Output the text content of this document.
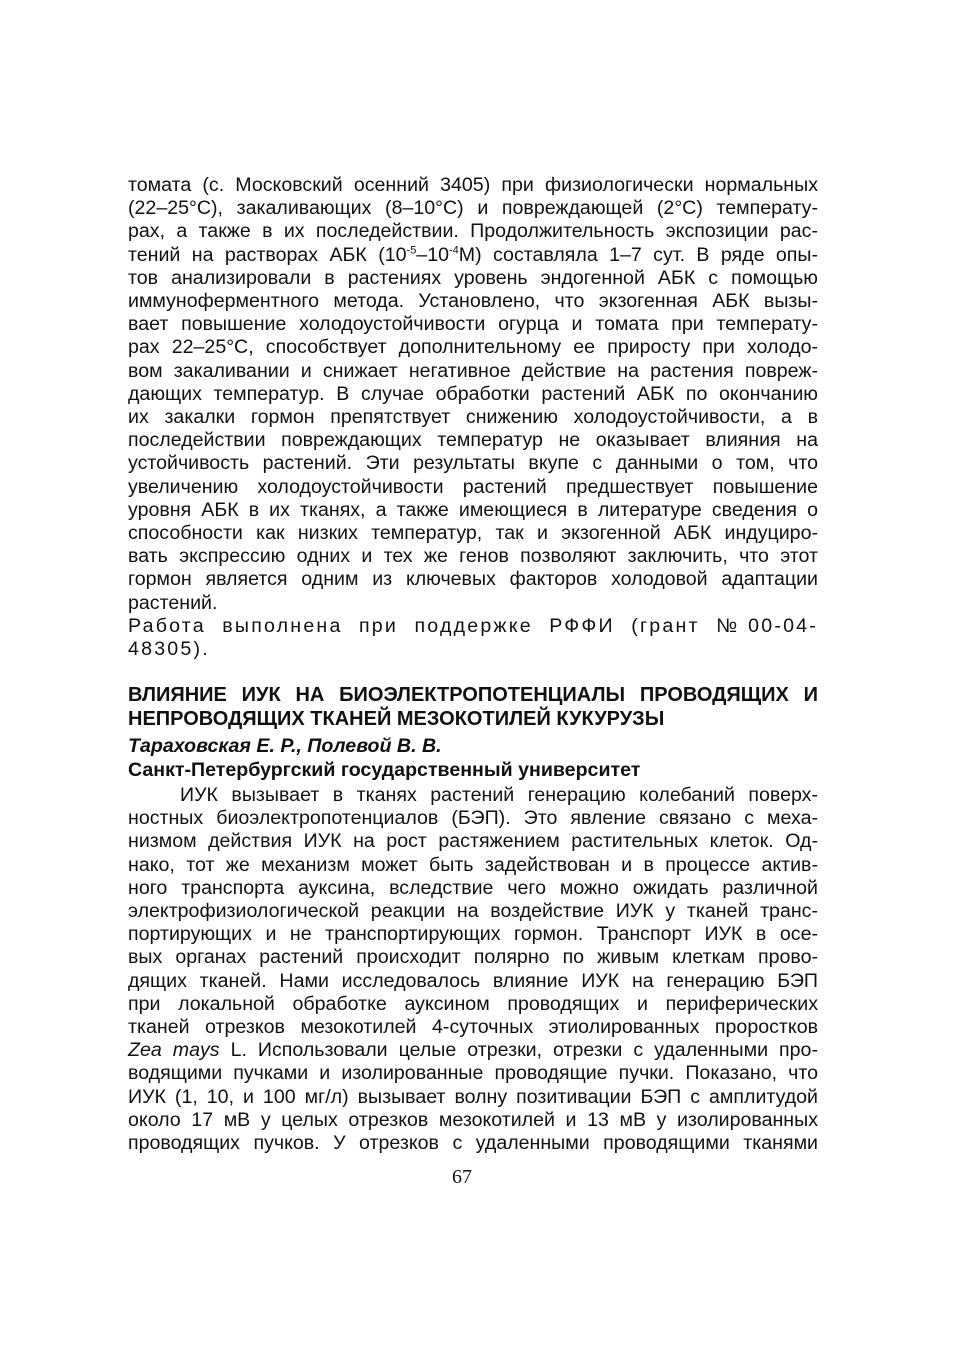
томата (с. Московский осенний 3405) при физиологически нормальных
(22–25°С), закаливающих (8–10°С) и повреждающей (2°С) температу-
рах, а также в их последействии. Продолжительность экспозиции рас-
тений на растворах АБК $(10^{-5}-10^{-4}М)$ составляла 1–7 сут. В ряде опы-
тов анализировали в растениях уровень эндогенной АБК с помощью
иммуноферментного метода. Установлено, что экзогенная АБК вызы-
вает повышение холодоустойчивости огурца и томата при температу-
рах 22–25°С, способствует дополнительному ее приросту при холодо-
вом закаливании и снижает негативное действие на растения повреж-
дающих температур. В случае обработки растений АБК по окончанию
их закалки гормон препятствует снижению холодоустойчивости, а в
последействии повреждающих температур не оказывает влияния на
устойчивость растений. Эти результаты вкупе с данными о том, что
увеличению холодоустойчивости растений предшествует повышение
уровня АБК в их тканях, а также имеющиеся в литературе сведения о
способности как низких температур, так и экзогенной АБК индуциро-
вать экспрессию одних и тех же генов позволяют заключить, что этот
гормон является одним из ключевых факторов холодовой адаптации
растений.

Работа выполнена при поддержке РФФИ (грант №00-04-
48305).

ВЛИЯНИЕ ИУК НА БИОЭЛЕКТРОПОТЕНЦИАЛЫ ПРОВОДЯЩИХ И
НЕПРОВОДЯЩИХ ТКАНЕЙ МЕЗОКОТИЛЕЙ КУКУРУЗЫ
Тараховская Е. Р., Полевой В. В.
Санкт-Петербургский государственный университет

ИУК вызывает в тканях растений генерацию колебаний поверх-
ностных биоэлектропотенциалов (БЭП). Это явление связано с меха-
низмом действия ИУК на рост растяжением растительных клеток. Од-
нако, тот же механизм может быть задействован и в процессе актив-
ного транспорта ауксина, вследствие чего можно ожидать различной
электрофизиологической реакции на воздействие ИУК у тканей транс-
портирующих и не транспортирующих гормон. Транспорт ИУК в осе-
вых органах растений происходит полярно по живым клеткам прово-
дящих тканей. Нами исследовалось влияние ИУК на генерацию БЭП
при локальной обработке ауксином проводящих и периферических
тканей отрезков мезокотилей 4-суточных этиолированных проростков
Zea mays L. Использовали целые отрезки, отрезки с удаленными про-
водящими пучками и изолированные проводящие пучки. Показано, что
ИУК (1, 10, и 100 мг/л) вызывает волну позитивации БЭП с амплитудой
около 17 мВ у целых отрезков мезокотилей и 13 мВ у изолированных
проводящих пучков. У отрезков с удаленными проводящими тканями

67
